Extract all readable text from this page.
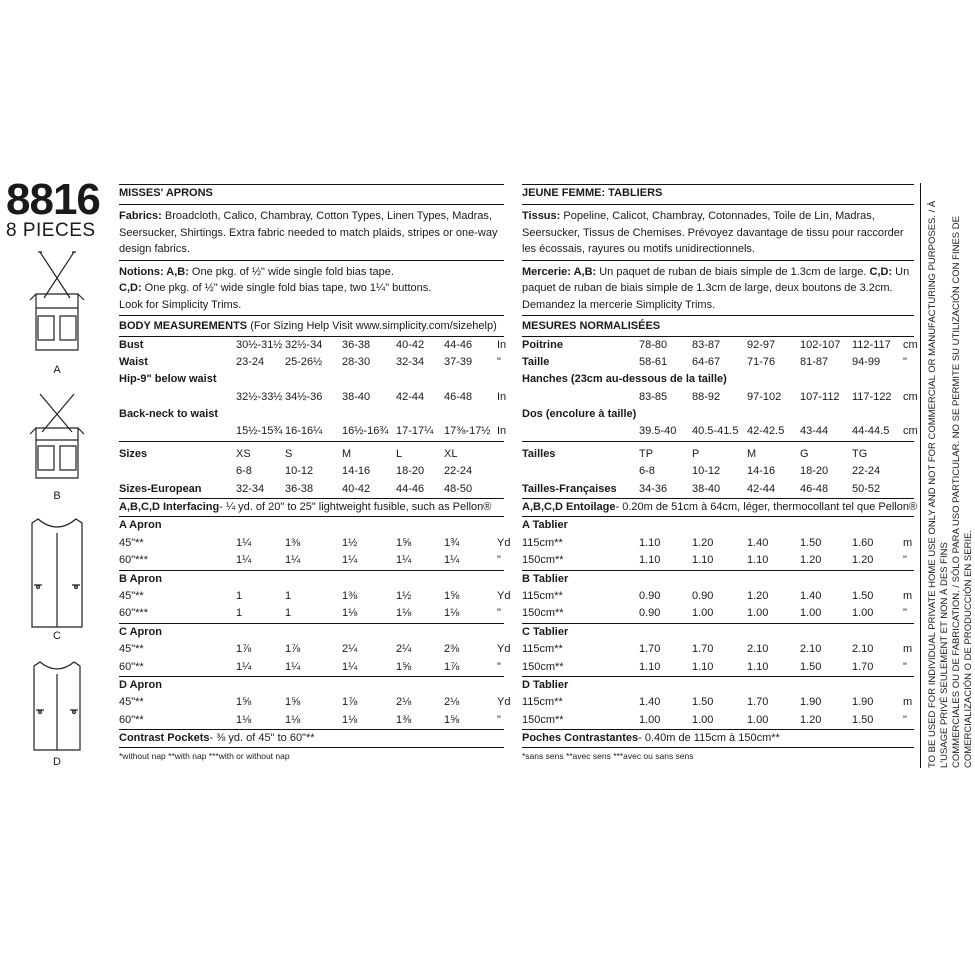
8816
8 PIECES
A
B
C
D
MISSES' APRONS
Fabrics: Broadcloth, Calico, Chambray, Cotton Types, Linen Types, Madras, Seersucker, Shirtings. Extra fabric needed to match plaids, stripes or one-way design fabrics.
Notions: A,B: One pkg. of ½" wide single fold bias tape.
C,D: One pkg. of ½" wide single fold bias tape, two 1¼" buttons.
Look for Simplicity Trims.
BODY MEASUREMENTS (For Sizing Help Visit www.simplicity.com/sizehelp)
Bust	30½-31½ 32½-34 36-38 40-42 44-46 In
Waist	23-24 25-26½ 28-30 32-34 37-39 "
Hip-9" below waist
32½-33½ 34½-36 38-40 42-44 46-48 In
Back-neck to waist
15½-15¾ 16-16¼ 16½-16¾ 17-17¼ 17⅜-17½ In
Sizes	XS	S	M	L	XL
6-8	10-12	14-16 18-20 22-24
Sizes-European	32-34 36-38	40-42 44-46 48-50
A,B,C,D Interfacing- ¼ yd. of 20" to 25" lightweight fusible, such as Pellon®
A Apron
45"**	1¼	1⅜	1½	1⅝	1¾	Yd
60"***	1¼	1¼	1¼	1¼	1¼	"
B Apron
45"**	1	1	1⅜	1½	1⅝	Yd
60"***	1	1	1⅛	1⅛	1⅛	"
C Apron
45"**	1⅞	1⅞	2¼	2¼	2⅜	Yd
60"**	1¼	1¼	1¼	1⅝	1⅞	"
D Apron
45"**	1⅝	1⅝	1⅞	2⅛	2⅛	Yd
60"**	1⅛	1⅛	1⅛	1⅜	1⅝	"
Contrast Pockets- ⅜ yd. of 45" to 60"**
*without nap **with nap ***with or without nap
JEUNE FEMME: TABLIERS
Tissus: Popeline, Calicot, Chambray, Cotonnades, Toile de Lin, Madras, Seersucker, Tissus de Chemises. Prévoyez davantage de tissu pour raccorder les écossais, rayures ou motifs unidirectionnels.
Mercerie: A,B: Un paquet de ruban de biais simple de 1.3cm de large. C,D: Un paquet de ruban de biais simple de 1.3cm de large, deux boutons de 3.2cm. Demandez la mercerie Simplicity Trims.
MESURES NORMALISÉES
Poitrine	78-80 83-87 92-97 102-107 112-117 cm
Taille	58-61 64-67 71-76 81-87 94-99 "
Hanches (23cm au-dessous de la taille)
83-85 88-92 97-102 107-112 117-122 cm
Dos (encolure à taille)
39.5-40 40.5-41.5 42-42.5 43-44 44-44.5 cm
Tailles	TP	P	M	G	TG
6-8	10-12 14-16 18-20 22-24
Tailles-Françaises 34-36 38-40 42-44 46-48 50-52
A,B,C,D Entoilage- 0.20m de 51cm à 64cm, léger, thermocollant tel que Pellon®
A Tablier
115cm**	1.10	1.20	1.40	1.50	1.60	m
150cm**	1.10	1.10	1.10	1.20	1.20	"
B Tablier
115cm**	0.90	0.90	1.20	1.40	1.50	m
150cm**	0.90	1.00	1.00	1.00	1.00	"
C Tablier
115cm**	1.70	1.70	2.10	2.10	2.10	m
150cm**	1.10	1.10	1.10	1.50	1.70	"
D Tablier
115cm**	1.40	1.50	1.70	1.90	1.90	m
150cm**	1.00	1.00	1.00	1.20	1.50	"
Poches Contrastantes- 0.40m de 115cm à 150cm**
*sans sens **avec sens ***avec ou sans sens	TO BE USED FOR INDIVIDUAL PRIVATE HOME USE ONLY AND NOT FOR COMMERCIAL OR MANUFACTURING PURPOSES. / À L'USAGE PRIVÉ SEULEMENT ET NON À DES FINS COMMERCIALES OU DE FABRICATION. / SÓLO PARA USO PARTICULAR. NO SE PERMITE SU UTILIZACIÓN CON FINES DE COMERCIALIZACIÓN O DE PRODUCCIÓN EN SERIE.
